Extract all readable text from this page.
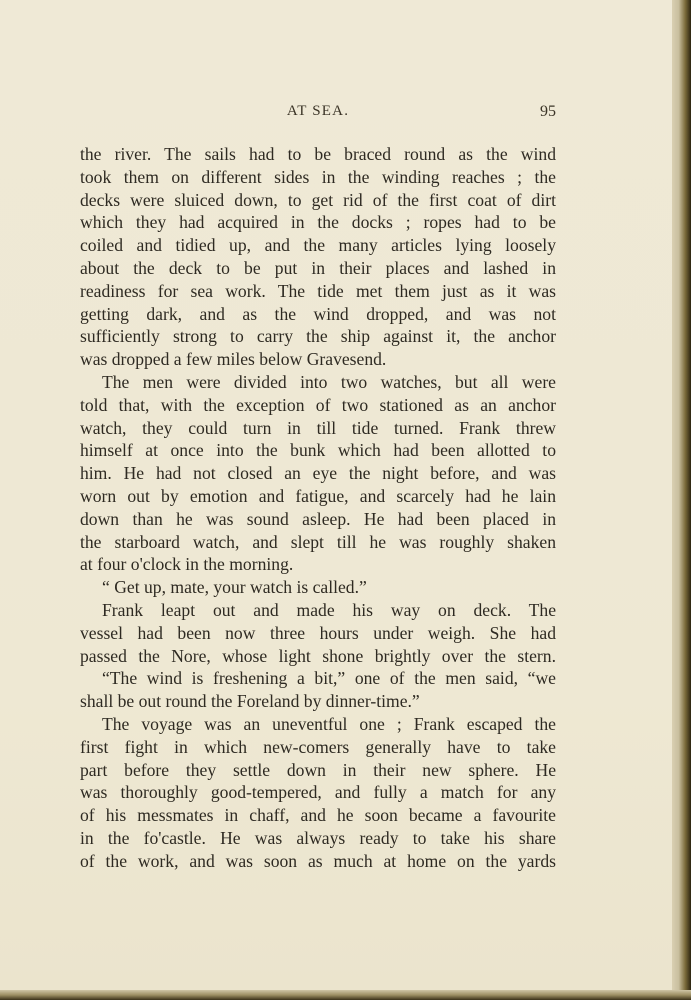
AT SEA.	95
the river. The sails had to be braced round as the wind
took them on different sides in the winding reaches ; the
decks were sluiced down, to get rid of the first coat of dirt
which they had acquired in the docks ; ropes had to be
coiled and tidied up, and the many articles lying loosely
about the deck to be put in their places and lashed in
readiness for sea work. The tide met them just as it was
getting dark, and as the wind dropped, and was not
sufficiently strong to carry the ship against it, the anchor
was dropped a few miles below Gravesend.
The men were divided into two watches, but all were
told that, with the exception of two stationed as an anchor
watch, they could turn in till tide turned. Frank threw
himself at once into the bunk which had been allotted to
him. He had not closed an eye the night before, and was
worn out by emotion and fatigue, and scarcely had he lain
down than he was sound asleep. He had been placed in
the starboard watch, and slept till he was roughly shaken
at four o'clock in the morning.
“ Get up, mate, your watch is called.”
Frank leapt out and made his way on deck. The
vessel had been now three hours under weigh. She had
passed the Nore, whose light shone brightly over the stern.
“The wind is freshening a bit,” one of the men said, “we
shall be out round the Foreland by dinner-time.”
The voyage was an uneventful one ; Frank escaped the
first fight in which new-comers generally have to take
part before they settle down in their new sphere. He
was thoroughly good-tempered, and fully a match for any
of his messmates in chaff, and he soon became a favourite
in the fo'castle. He was always ready to take his share
of the work, and was soon as much at home on the yards
